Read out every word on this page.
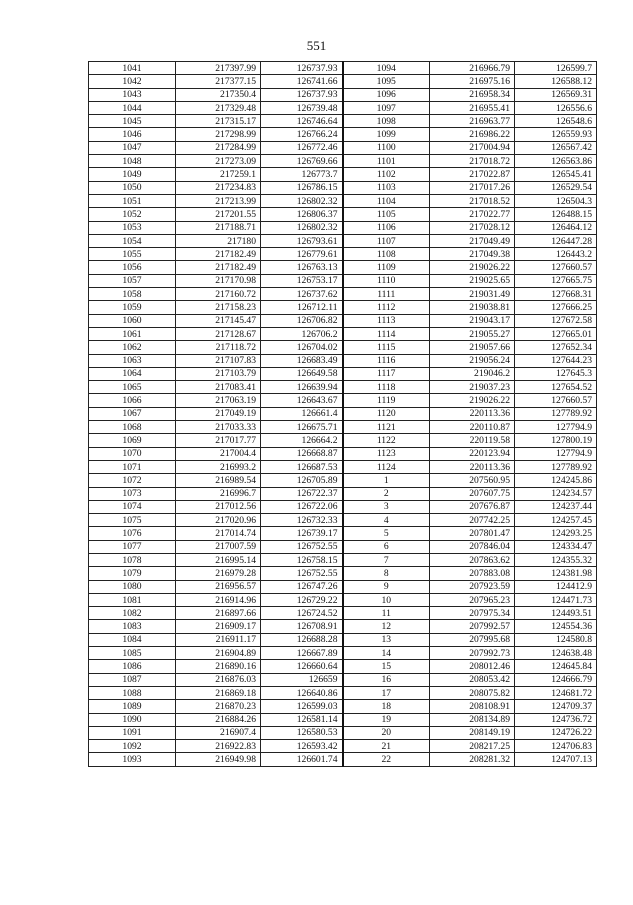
551
1041	217397.99	126737.93	1094	216966.79	126599.7
1042	217377.15	126741.66	1095	216975.16	126588.12
1043	217350.4	126737.93	1096	216958.34	126569.31
1044	217329.48	126739.48	1097	216955.41	126556.6
1045	217315.17	126746.64	1098	216963.77	126548.6
1046	217298.99	126766.24	1099	216986.22	126559.93
1047	217284.99	126772.46	1100	217004.94	126567.42
1048	217273.09	126769.66	1101	217018.72	126563.86
1049	217259.1	126773.7	1102	217022.87	126545.41
1050	217234.83	126786.15	1103	217017.26	126529.54
1051	217213.99	126802.32	1104	217018.52	126504.3
1052	217201.55	126806.37	1105	217022.77	126488.15
1053	217188.71	126802.32	1106	217028.12	126464.12
1054	217180	126793.61	1107	217049.49	126447.28
1055	217182.49	126779.61	1108	217049.38	126443.2
1056	217182.49	126763.13	1109	219026.22	127660.57
1057	217170.98	126753.17	1110	219025.65	127665.75
1058	217160.72	126737.62	1111	219031.49	127668.31
1059	217158.23	126712.11	1112	219038.81	127666.25
1060	217145.47	126706.82	1113	219043.17	127672.58
1061	217128.67	126706.2	1114	219055.27	127665.01
1062	217118.72	126704.02	1115	219057.66	127652.34
1063	217107.83	126683.49	1116	219056.24	127644.23
1064	217103.79	126649.58	1117	219046.2	127645.3
1065	217083.41	126639.94	1118	219037.23	127654.52
1066	217063.19	126643.67	1119	219026.22	127660.57
1067	217049.19	126661.4	1120	220113.36	127789.92
1068	217033.33	126675.71	1121	220110.87	127794.9
1069	217017.77	126664.2	1122	220119.58	127800.19
1070	217004.4	126668.87	1123	220123.94	127794.9
1071	216993.2	126687.53	1124	220113.36	127789.92
1072	216989.54	126705.89	1	207560.95	124245.86
1073	216996.7	126722.37	2	207607.75	124234.57
1074	217012.56	126722.06	3	207676.87	124237.44
1075	217020.96	126732.33	4	207742.25	124257.45
1076	217014.74	126739.17	5	207801.47	124293.25
1077	217007.59	126752.55	6	207846.04	124334.47
1078	216995.14	126758.15	7	207863.62	124355.32
1079	216979.28	126752.55	8	207883.08	124381.98
1080	216956.57	126747.26	9	207923.59	124412.9
1081	216914.96	126729.22	10	207965.23	124471.73
1082	216897.66	126724.52	11	207975.34	124493.51
1083	216909.17	126708.91	12	207992.57	124554.36
1084	216911.17	126688.28	13	207995.68	124580.8
1085	216904.89	126667.89	14	207992.73	124638.48
1086	216890.16	126660.64	15	208012.46	124645.84
1087	216876.03	126659	16	208053.42	124666.79
1088	216869.18	126640.86	17	208075.82	124681.72
1089	216870.23	126599.03	18	208108.91	124709.37
1090	216884.26	126581.14	19	208134.89	124736.72
1091	216907.4	126580.53	20	208149.19	124726.22
1092	216922.83	126593.42	21	208217.25	124706.83
1093	216949.98	126601.74	22	208281.32	124707.13
